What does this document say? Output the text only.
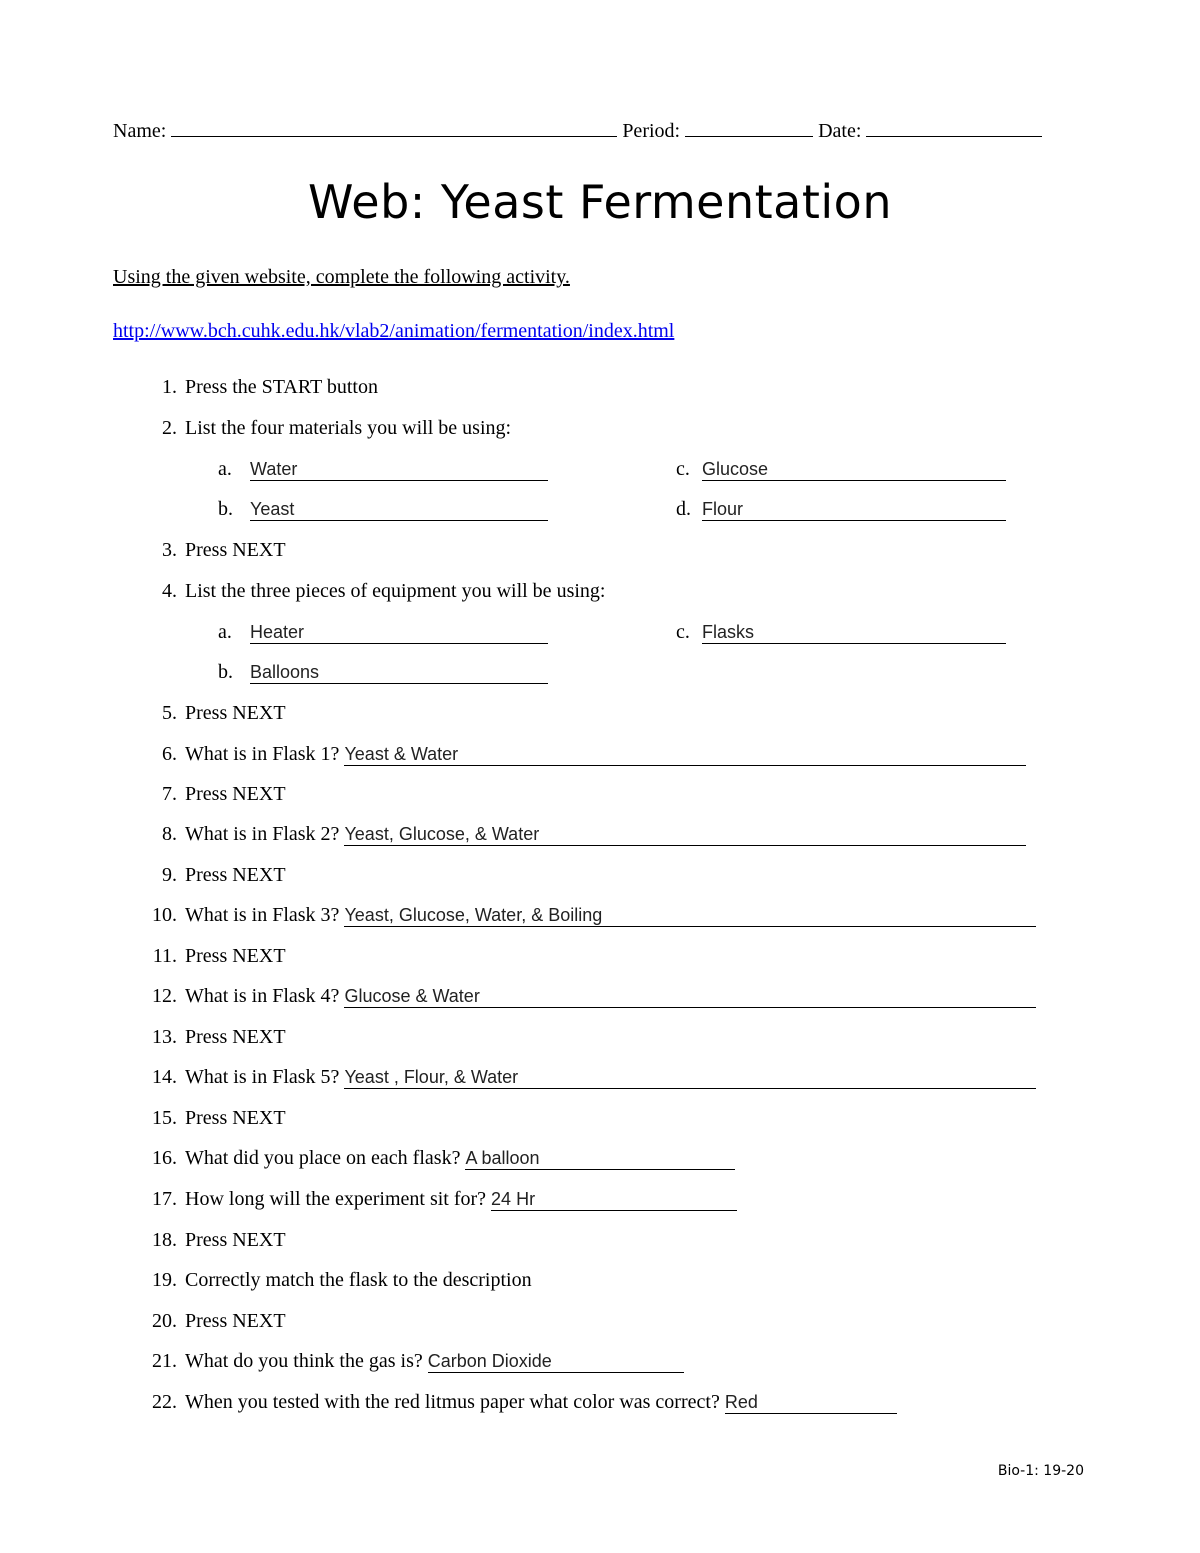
Name:	Period:	Date:
Web: Yeast Fermentation
Using the given website, complete the following activity.
http://www.bch.cuhk.edu.hk/vlab2/animation/fermentation/index.html
1. Press the START button
2. List the four materials you will be using:
a. Water	c. Glucose
b. Yeast	d. Flour
3. Press NEXT
4. List the three pieces of equipment you will be using:
a. Heater	c. Flasks
b. Balloons
5. Press NEXT
6. What is in Flask 1? Yeast & Water
7. Press NEXT
8. What is in Flask 2? Yeast, Glucose, & Water
9. Press NEXT
10. What is in Flask 3? Yeast, Glucose, Water, & Boiling
11. Press NEXT
12. What is in Flask 4? Glucose & Water
13. Press NEXT
14. What is in Flask 5? Yeast , Flour, & Water
15. Press NEXT
16. What did you place on each flask? A balloon
17. How long will the experiment sit for? 24 Hr
18. Press NEXT
19. Correctly match the flask to the description
20. Press NEXT
21. What do you think the gas is? Carbon Dioxide
22. When you tested with the red litmus paper what color was correct? Red
Bio-1: 19-20
